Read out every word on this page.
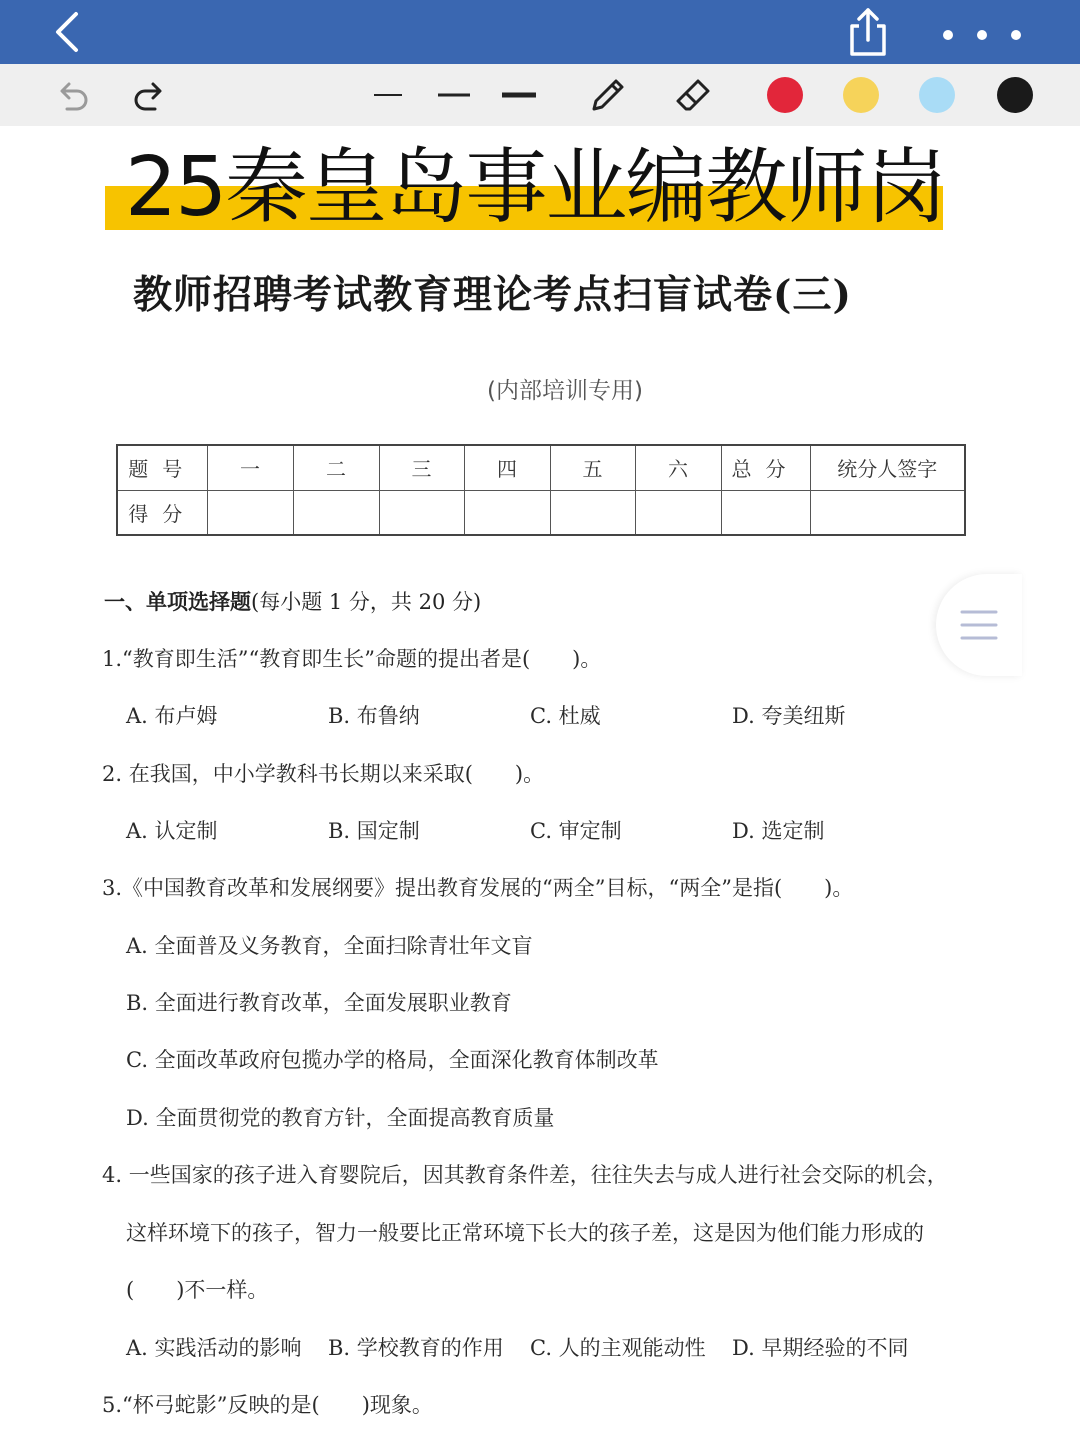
25秦皇岛事业编教师岗
教师招聘考试教育理论考点扫盲试卷(三)
(内部培训专用)
题号	一	二	三	四	五	六	总分	统分人签字
得分								
一、单项选择题(每小题 1 分，共 20 分)
1.“教育即生活”“教育即生长”命题的提出者是(　　)。
A. 布卢姆	B. 布鲁纳	C. 杜威	D. 夸美纽斯
2. 在我国，中小学教科书长期以来采取(　　)。
A. 认定制	B. 国定制	C. 审定制	D. 选定制
3.《中国教育改革和发展纲要》提出教育发展的“两全”目标，“两全”是指(　　)。
A. 全面普及义务教育，全面扫除青壮年文盲
B. 全面进行教育改革，全面发展职业教育
C. 全面改革政府包揽办学的格局，全面深化教育体制改革
D. 全面贯彻党的教育方针，全面提高教育质量
4. 一些国家的孩子进入育婴院后，因其教育条件差，往往失去与成人进行社会交际的机会，
这样环境下的孩子，智力一般要比正常环境下长大的孩子差，这是因为他们能力形成的
(　　)不一样。
A. 实践活动的影响 B. 学校教育的作用 C. 人的主观能动性 D. 早期经验的不同
5.“杯弓蛇影”反映的是(　　)现象。
